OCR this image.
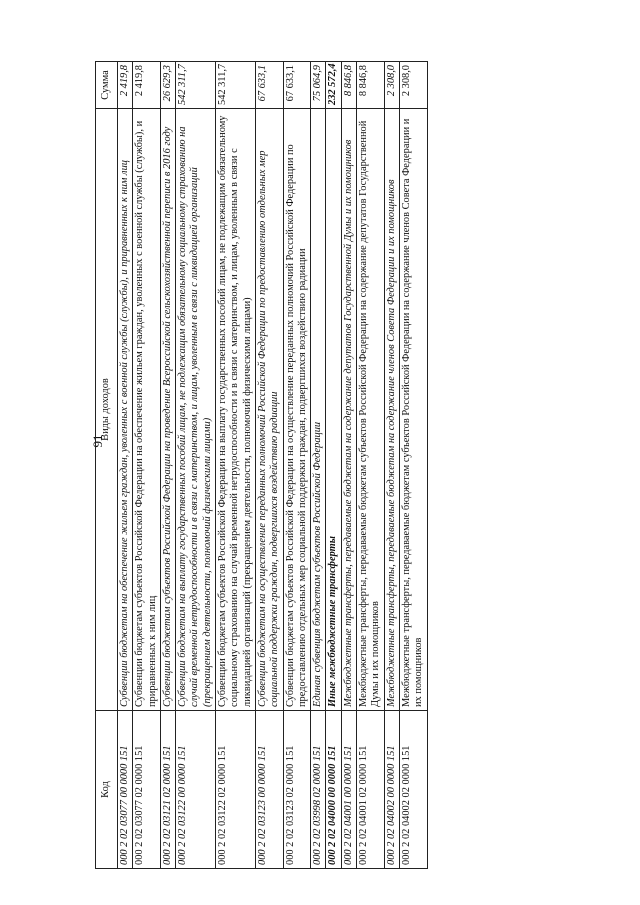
91
Код	Виды доходов	Сумма
000 2 02 03077 00 0000 151	Субвенции бюджетам на обеспечение жильем граждан, уволенных с военной службы (службы), и приравненных к ним лиц	2 419,8
000 2 02 03077 02 0000 151	Субвенции бюджетам субъектов Российской Федерации на обеспечение жильем граждан, уволенных с военной службы (службы), и приравненных к ним лиц	2 419,8
000 2 02 03121 02 0000 151	Субвенции бюджетам субъектов Российской Федерации на проведение Всероссийской сельскохозяйственной переписи в 2016 году	26 629,3
000 2 02 03122 00 0000 151	Субвенции бюджетам на выплату государственных пособий лицам, не подлежащим обязательному социальному страхованию на случай временной нетрудоспособности и в связи с материнством, и лицам, уволенным в связи с ликвидацией организаций (прекращением деятельности, полномочий физическими лицами)	542 311,7
000 2 02 03122 02 0000 151	Субвенции бюджетам субъектов Российской Федерации на выплату государственных пособий лицам, не подлежащим обязательному социальному страхованию на случай временной нетрудоспособности и в связи с материнством, и лицам, уволенным в связи с ликвидацией организаций (прекращением деятельности, полномочий физическими лицами)	542 311,7
000 2 02 03123 00 0000 151	Субвенции бюджетам на осуществление переданных полномочий Российской Федерации по предоставлению отдельных мер социальной поддержки граждан, подвергшихся воздействию радиации	67 633,1
000 2 02 03123 02 0000 151	Субвенции бюджетам субъектов Российской Федерации на осуществление переданных полномочий Российской Федерации по предоставлению отдельных мер социальной поддержки граждан, подвергшихся воздействию радиации	67 633,1
000 2 02 03998 02 0000 151	Единая субвенция бюджетам субъектов Российской Федерации	75 064,9
000 2 02 04000 00 0000 151	Иные межбюджетные трансферты	232 572,4
000 2 02 04001 00 0000 151	Межбюджетные трансферты, передаваемые бюджетам на содержание депутатов Государственной Думы и их помощников	8 846,8
000 2 02 04001 02 0000 151	Межбюджетные трансферты, передаваемые бюджетам субъектов Российской Федерации на содержание депутатов Государственной Думы и их помощников	8 846,8
000 2 02 04002 00 0000 151	Межбюджетные трансферты, передаваемые бюджетам на содержание членов Совета Федерации и их помощников	2 308,0
000 2 02 04002 02 0000 151	Межбюджетные трансферты, передаваемые бюджетам субъектов Российской Федерации на содержание членов Совета Федерации и их помощников	2 308,0
